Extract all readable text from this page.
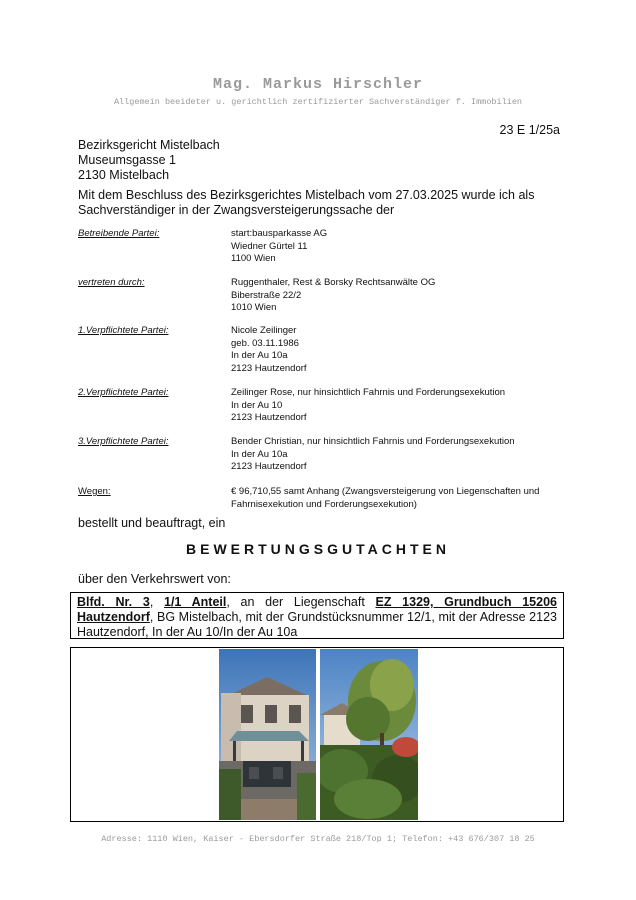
Mag. Markus Hirschler
Allgemein beeideter u. gerichtlich zertifizierter Sachverständiger f. Immobilien
23 E 1/25a
Bezirksgericht Mistelbach
Museumsgasse 1
2130 Mistelbach
Mit dem Beschluss des Bezirksgerichtes Mistelbach vom 27.03.2025 wurde ich als Sachverständiger in der Zwangsversteigerungssache der
Betreibende Partei:	start:bausparkasse AG
Wiedner Gürtel 11
1100 Wien
vertreten durch:	Ruggenthaler, Rest & Borsky Rechtsanwälte OG
Biberstraße 22/2
1010 Wien
1.Verpflichtete Partei:	Nicole Zeilinger
geb. 03.11.1986
In der Au 10a
2123 Hautzendorf
2.Verpflichtete Partei:	Zeilinger Rose, nur hinsichtlich Fahrnis und Forderungsexekution
In der Au 10
2123 Hautzendorf
3.Verpflichtete Partei:	Bender Christian, nur hinsichtlich Fahrnis und Forderungsexekution
In der Au 10a
2123 Hautzendorf
Wegen:	€ 96,710,55 samt Anhang (Zwangsversteigerung von Liegenschaften und Fahrnisexekution und Forderungsexekution)
bestellt und beauftragt, ein
BEWERTUNGSGUTACHTEN
über den Verkehrswert von:
Blfd. Nr. 3, 1/1 Anteil, an der Liegenschaft EZ 1329, Grundbuch 15206 Hautzendorf, BG Mistelbach, mit der Grundstücksnummer 12/1, mit der Adresse 2123 Hautzendorf, In der Au 10/In der Au 10a
Adresse: 1110 Wien, Kaiser - Ebersdorfer Straße 218/Top 1; Telefon: +43 676/307 18 25
